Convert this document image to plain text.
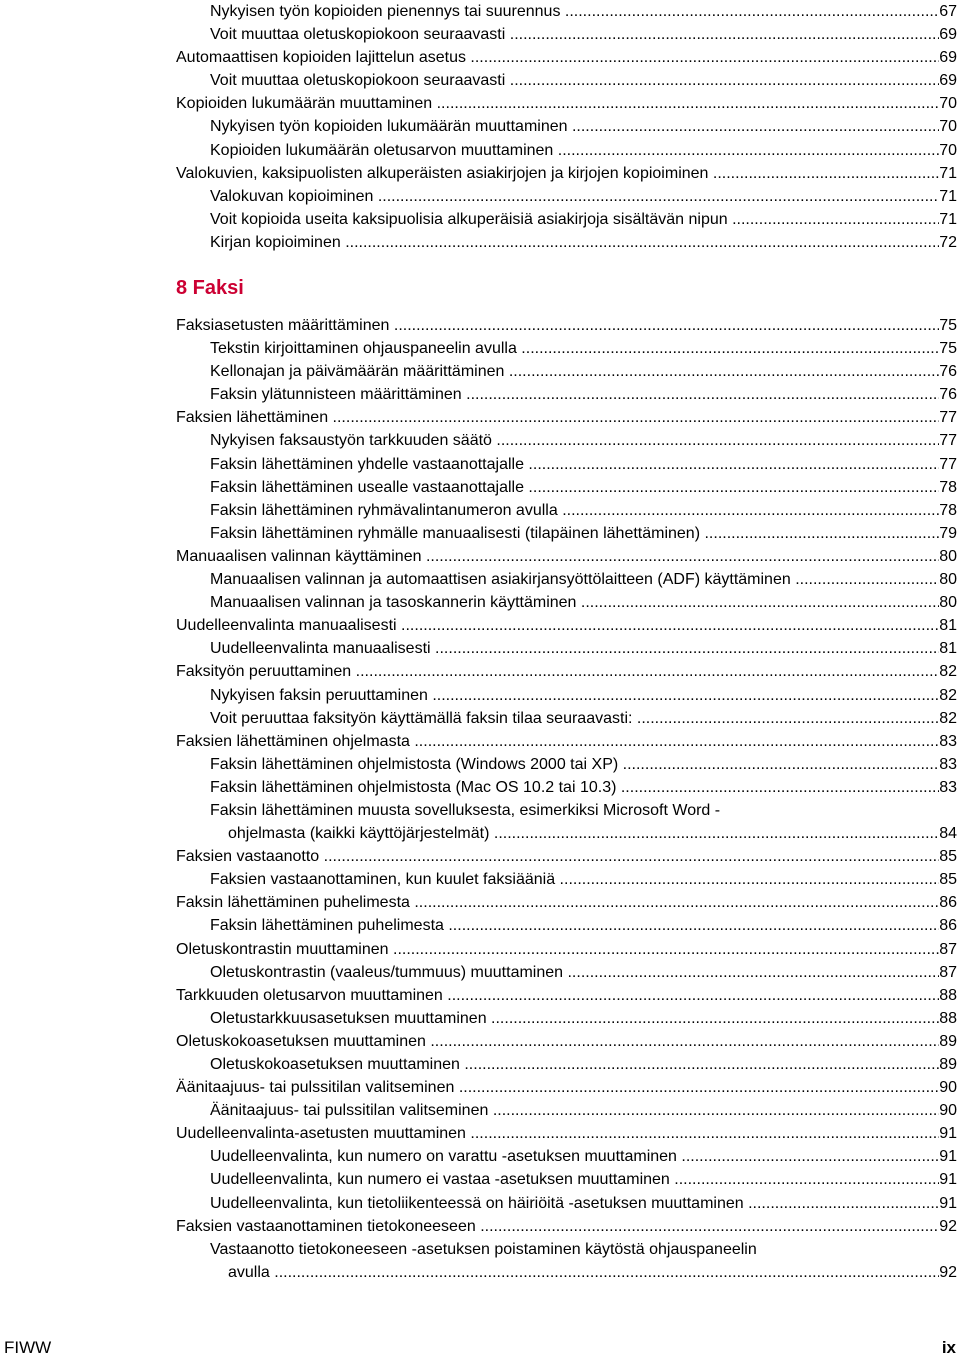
Nykyisen työn kopioiden pienennys tai suurennus .....	67
Voit muuttaa oletuskopiokoon seuraavasti .....	69
Automaattisen kopioiden lajittelun asetus .....	69
Voit muuttaa oletuskopiokoon seuraavasti .....	69
Kopioiden lukumäärän muuttaminen .....	70
Nykyisen työn kopioiden lukumäärän muuttaminen .....	70
Kopioiden lukumäärän oletusarvon muuttaminen .....	70
Valokuvien, kaksipuolisten alkuperäisten asiakirjojen ja kirjojen kopioiminen .....	71
Valokuvan kopioiminen .....	71
Voit kopioida useita kaksipuolisia alkuperäisiä asiakirjoja sisältävän nipun .....	71
Kirjan kopioiminen .....	72
8 Faksi
Faksiasetusten määrittäminen .....	75
Tekstin kirjoittaminen ohjauspaneelin avulla .....	75
Kellonajan ja päivämäärän määrittäminen .....	76
Faksin ylätunnisteen määrittäminen .....	76
Faksien lähettäminen .....	77
Nykyisen faksaustyön tarkkuuden säätö .....	77
Faksin lähettäminen yhdelle vastaanottajalle .....	77
Faksin lähettäminen usealle vastaanottajalle .....	78
Faksin lähettäminen ryhmävalintanumeron avulla .....	78
Faksin lähettäminen ryhmälle manuaalisesti (tilapäinen lähettäminen) .....	79
Manuaalisen valinnan käyttäminen .....	80
Manuaalisen valinnan ja automaattisen asiakirjansyöttölaitteen (ADF) käyttäminen .....	80
Manuaalisen valinnan ja tasoskannerin käyttäminen .....	80
Uudelleenvalinta manuaalisesti .....	81
Uudelleenvalinta manuaalisesti .....	81
Faksityön peruuttaminen .....	82
Nykyisen faksin peruuttaminen .....	82
Voit peruuttaa faksityön käyttämällä faksin tilaa seuraavasti: .....	82
Faksien lähettäminen ohjelmasta .....	83
Faksin lähettäminen ohjelmistosta (Windows 2000 tai XP) .....	83
Faksin lähettäminen ohjelmistosta (Mac OS 10.2 tai 10.3) .....	83
Faksin lähettäminen muusta sovelluksesta, esimerkiksi Microsoft Word -
ohjelmasta (kaikki käyttöjärjestelmät) .....	84
Faksien vastaanotto .....	85
Faksien vastaanottaminen, kun kuulet faksiääniä .....	85
Faksin lähettäminen puhelimesta .....	86
Faksin lähettäminen puhelimesta .....	86
Oletuskontrastin muuttaminen .....	87
Oletuskontrastin (vaaleus/tummuus) muuttaminen .....	87
Tarkkuuden oletusarvon muuttaminen .....	88
Oletustarkkuusasetuksen muuttaminen .....	88
Oletuskokoasetuksen muuttaminen .....	89
Oletuskokoasetuksen muuttaminen .....	89
Äänitaajuus- tai pulssitilan valitseminen .....	90
Äänitaajuus- tai pulssitilan valitseminen .....	90
Uudelleenvalinta-asetusten muuttaminen .....	91
Uudelleenvalinta, kun numero on varattu -asetuksen muuttaminen .....	91
Uudelleenvalinta, kun numero ei vastaa -asetuksen muuttaminen .....	91
Uudelleenvalinta, kun tietoliikenteessä on häiriöitä -asetuksen muuttaminen .....	91
Faksien vastaanottaminen tietokoneeseen .....	92
Vastaanotto tietokoneeseen -asetuksen poistaminen käytöstä ohjauspaneelin
avulla .....	92
FIWW	ix
